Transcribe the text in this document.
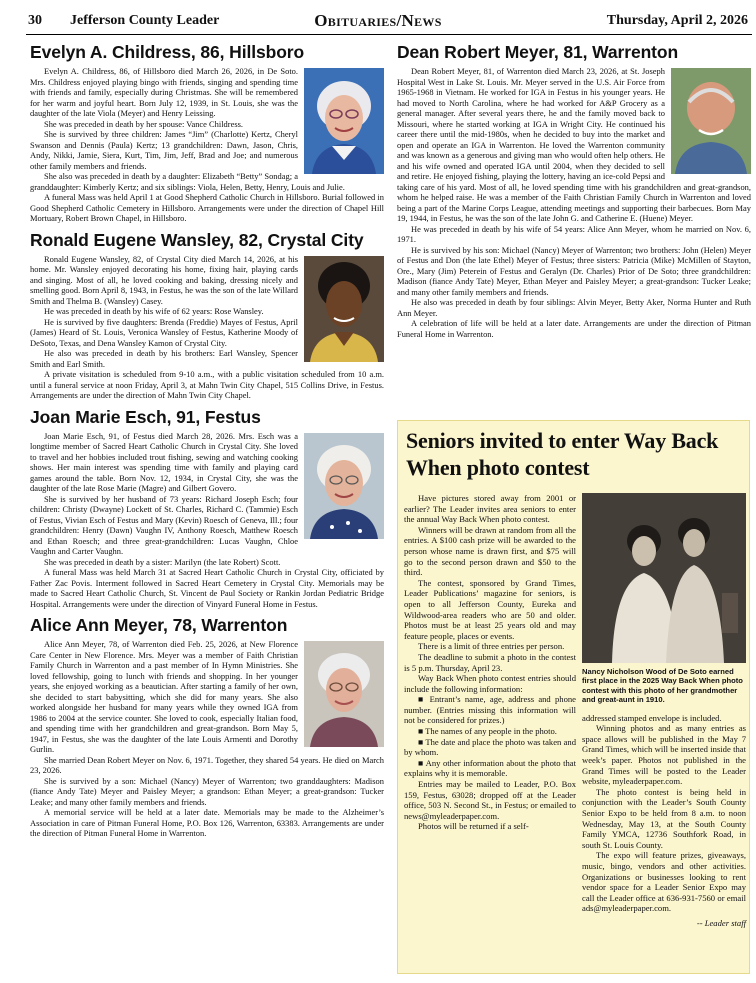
30 Jefferson County Leader	Obituaries/News	Thursday, April 2, 2026
Evelyn A. Childress, 86, Hillsboro

Evelyn A. Childress, 86, of Hillsboro died March 26, 2026, in De Soto. Mrs. Childress enjoyed playing bingo with friends, singing and spending time with friends and family, especially during Christmas. She will be remembered for her warm and joyful heart. Born July 12, 1939, in St. Louis, she was the daughter of the late Viola (Meyer) and Henry Leissing.

She was preceded in death by her spouse: Vance Childress.

She is survived by three children: James “Jim” (Charlotte) Kertz, Cheryl Swanson and Dennis (Paula) Kertz; 13 grandchildren: Dawn, Jason, Chris, Andy, Nikki, Jamie, Siera, Kurt, Tim, Jim, Jeff, Brad and Joe; and numerous other family members and friends.

She also was preceded in death by a daughter: Elizabeth “Betty” Sondag; a granddaughter: Kimberly Kertz; and six siblings: Viola, Helen, Betty, Henry, Louis and Julie.

A funeral Mass was held April 1 at Good Shepherd Catholic Church in Hillsboro. Burial followed in Good Shepherd Catholic Cemetery in Hillsboro. Arrangements were under the direction of Chapel Hill Mortuary, Robert Brown Chapel, in Hillsboro.

Ronald Eugene Wansley, 82, Crystal City

Ronald Eugene Wansley, 82, of Crystal City died March 14, 2026, at his home. Mr. Wansley enjoyed decorating his home, fixing hair, playing cards and singing. Most of all, he loved cooking and baking, dressing nicely and smelling good. Born April 8, 1943, in Festus, he was the son of the late Willard Smith and Thelma B. (Wansley) Casey.

He was preceded in death by his wife of 62 years: Rose Wansley.

He is survived by five daughters: Brenda (Freddie) Mayes of Festus, April (James) Heard of St. Louis, Veronica Wansley of Festus, Katherine Moody of DeSoto, Texas, and Dena Wansley Kamon of Crystal City.

He also was preceded in death by his brothers: Earl Wansley, Spencer Smith and Earl Smith.

A private visitation is scheduled from 9-10 a.m., with a public visitation scheduled from 10 a.m. until a funeral service at noon Friday, April 3, at Mahn Twin City Chapel, 515 Collins Drive, in Festus. Arrangements are under the direction of Mahn Twin City Chapel.

Joan Marie Esch, 91, Festus

Joan Marie Esch, 91, of Festus died March 28, 2026. Mrs. Esch was a longtime member of Sacred Heart Catholic Church in Crystal City. She loved to travel and her hobbies included trout fishing, sewing and watching cooking shows. Her main interest was spending time with family and playing card games around the table. Born Nov. 12, 1934, in Crystal City, she was the daughter of the late Rose Marie (Magre) and Gilbert Govero.

She is survived by her husband of 73 years: Richard Joseph Esch; four children: Christy (Dwayne) Lockett of St. Charles, Richard C. (Tammie) Esch of Festus, Vivian Esch of Festus and Mary (Kevin) Roesch of Geneva, Ill.; four grandchildren: Henry (Dawn) Vaughn IV, Anthony Roesch, Matthew Roesch and Ethan Roesch; and three great-grandchildren: Lucas Vaughn, Chloe Vaughn and Carter Vaughn.

She was preceded in death by a sister: Marilyn (the late Robert) Scott.

A funeral Mass was held March 31 at Sacred Heart Catholic Church in Crystal City, officiated by Father Zac Povis. Interment followed in Sacred Heart Cemetery in Crystal City. Memorials may be made to Sacred Heart Catholic Church, St. Vincent de Paul Society or Rankin Jordan Pediatric Bridge Hospital. Arrangements were under the direction of Vinyard Funeral Home in Festus.

Alice Ann Meyer, 78, Warrenton

Alice Ann Meyer, 78, of Warrenton died Feb. 25, 2026, at New Florence Care Center in New Florence. Mrs. Meyer was a member of Faith Christian Family Church in Warrenton and a past member of In Hymn Ministries. She loved fellowship, going to lunch with friends and shopping. In her younger years, she enjoyed working as a beautician. After starting a family of her own, she decided to start babysitting, which she did for many years. She also worked alongside her husband for many years while they owned IGA from 1986 to 2004 at the service counter. She loved to cook, especially Italian food, and spending time with her grandchildren and great-grandson. Born May 5, 1947, in Festus, she was the daughter of the late Louis Armenti and Dorothy Gurlin.

She married Dean Robert Meyer on Nov. 6, 1971. Together, they shared 54 years. He died on March 23, 2026.

She is survived by a son: Michael (Nancy) Meyer of Warrenton; two granddaughters: Madison (fiance Andy Tate) Meyer and Paisley Meyer; a grandson: Ethan Meyer; a great-grandson: Tucker Leake; and many other family members and friends.

A memorial service will be held at a later date. Memorials may be made to the Alzheimer’s Association in care of Pitman Funeral Home, P.O. Box 126, Warrenton, 63383. Arrangements are under the direction of Pitman Funeral Home in Warrenton.

Dean Robert Meyer, 81, Warrenton

Dean Robert Meyer, 81, of Warrenton died March 23, 2026, at St. Joseph Hospital West in Lake St. Louis. Mr. Meyer served in the U.S. Air Force from 1965-1968 in Vietnam. He worked for IGA in Festus in his younger years. He had moved to North Carolina, where he had worked for A&P Grocery as a general manager. After several years there, he and the family moved back to Missouri, where he started working at IGA in Wright City. He continued his career there until the mid-1980s, when he decided to buy into the market and open and operate an IGA in Warrenton. He loved the Warrenton community and was known as a generous and giving man who would often help others. He and his wife owned and operated IGA until 2004, when they decided to sell and retire. He enjoyed fishing, playing the lottery, having an ice-cold Pepsi and taking care of his yard. Most of all, he loved spending time with his grandchildren and great-grandson, whom he helped raise. He was a member of the Faith Christian Family Church in Warrenton and loved being a part of the Marine Corps League, attending meetings and supporting their barbecues. Born May 19, 1944, in Festus, he was the son of the late John G. and Catherine E. (Huene) Meyer.

He was preceded in death by his wife of 54 years: Alice Ann Meyer, whom he married on Nov. 6, 1971.

He is survived by his son: Michael (Nancy) Meyer of Warrenton; two brothers: John (Helen) Meyer of Festus and Don (the late Ethel) Meyer of Festus; three sisters: Patricia (Mike) McMillen of Stayton, Ore., Mary (Jim) Peterein of Festus and Geralyn (Dr. Charles) Prior of De Soto; three grandchildren: Madison (fiance Andy Tate) Meyer, Ethan Meyer and Paisley Meyer; a great-grandson: Tucker Leake; and many other family members and friends.

He also was preceded in death by four siblings: Alvin Meyer, Betty Aker, Norma Hunter and Ruth Ann Meyer.

A celebration of life will be held at a later date. Arrangements are under the direction of Pitman Funeral Home in Warrenton.

Seniors invited to enter Way Back When photo contest

Have pictures stored away from 2001 or earlier? The Leader invites area seniors to enter the annual Way Back When photo contest.

Winners will be drawn at random from all the entries. A $100 cash prize will be awarded to the person whose name is drawn first, and $75 will go to the second person drawn and $50 to the third.

The contest, sponsored by Grand Times, Leader Publications’ magazine for seniors, is open to all Jefferson County, Eureka and Wildwood-area readers who are 50 and older. Photos must be at least 25 years old and may feature people, places or events.

There is a limit of three entries per person.

The deadline to submit a photo in the contest is 5 p.m. Thursday, April 23.

Way Back When photo contest entries should include the following information:

■ Entrant’s name, age, address and phone number. (Entries missing this information will not be considered for prizes.)

■ The names of any people in the photo.

■ The date and place the photo was taken and by whom.

■ Any other information about the photo that explains why it is memorable.

Entries may be mailed to Leader, P.O. Box 159, Festus, 63028; dropped off at the Leader office, 503 N. Second St., in Festus; or emailed to news@myleaderpaper.com.

Photos will be returned if a self-

Nancy Nicholson Wood of De Soto earned first place in the 2025 Way Back When photo contest with this photo of her grandmother and great-aunt in 1910.

addressed stamped envelope is included.

Winning photos and as many entries as space allows will be published in the May 7 Grand Times, which will be inserted inside that week’s paper. Photos not published in the Grand Times will be posted to the Leader website, myleaderpaper.com.

The photo contest is being held in conjunction with the Leader’s South County Senior Expo to be held from 8 a.m. to noon Wednesday, May 13, at the South County Family YMCA, 12736 Southfork Road, in south St. Louis County.

The expo will feature prizes, giveaways, music, bingo, vendors and other activities. Organizations or businesses looking to rent vendor space for a Leader Senior Expo may call the Leader office at 636-931-7560 or email ads@myleaderpaper.com.

-- Leader staff
